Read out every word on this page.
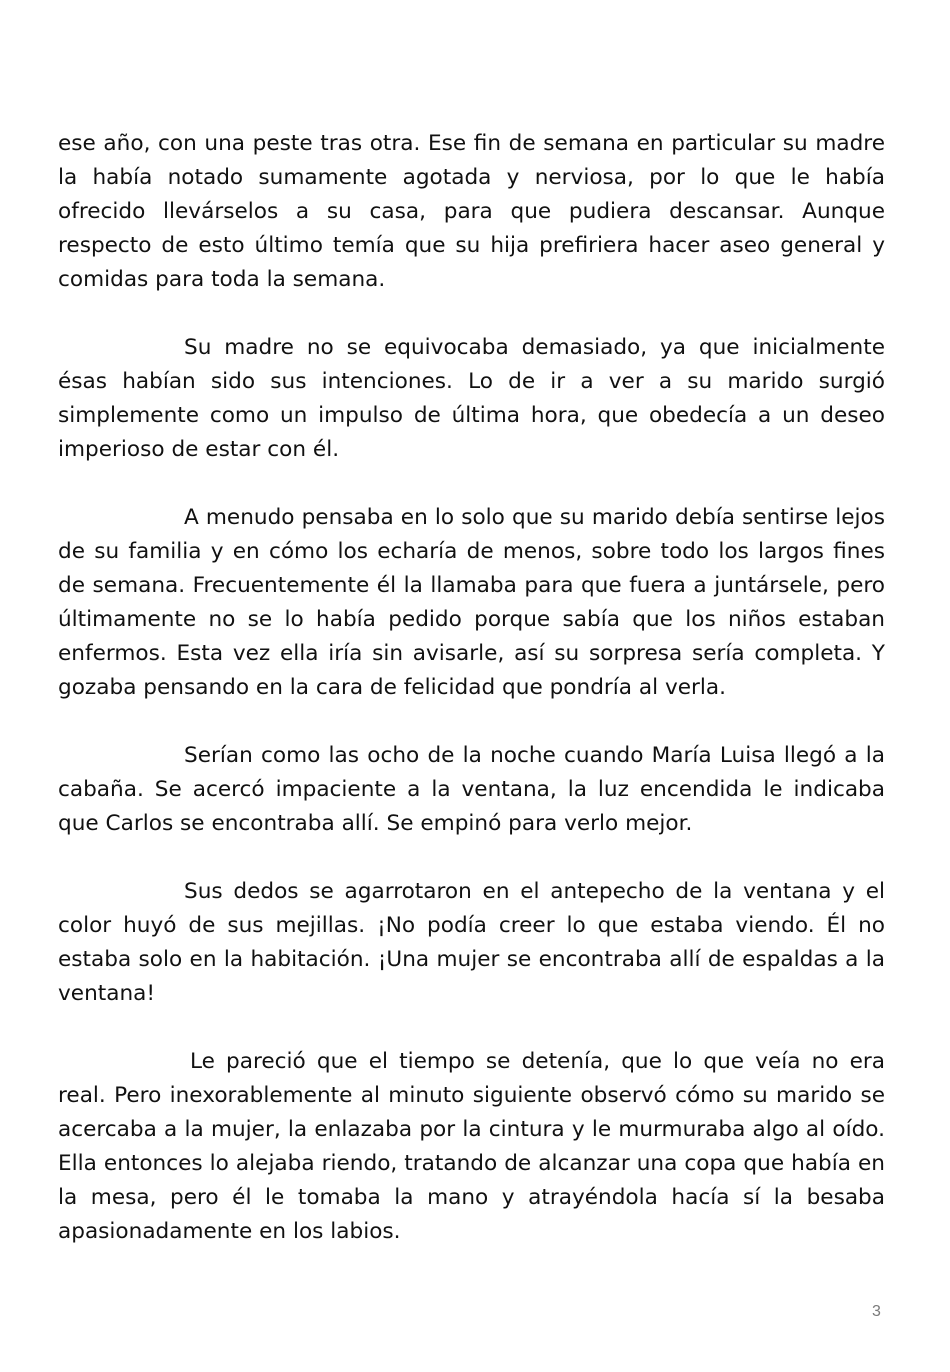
ese año, con una peste tras otra. Ese fin de semana en particular su madre la había notado sumamente agotada y nerviosa, por lo que le había ofrecido llevárselos a su casa, para que pudiera descansar. Aunque respecto de esto último temía que su hija prefiriera hacer aseo general y comidas para toda la semana.

Su madre no se equivocaba demasiado, ya que inicialmente ésas habían sido sus intenciones. Lo de ir a ver a su marido surgió simplemente como un impulso de última hora, que obedecía a un deseo imperioso de estar con él.

A menudo pensaba en lo solo que su marido debía sentirse lejos de su familia y en cómo los echaría de menos, sobre todo los largos fines de semana. Frecuentemente él la llamaba para que fuera a juntársele, pero últimamente no se lo había pedido porque sabía que los niños estaban enfermos. Esta vez ella iría sin avisarle, así su sorpresa sería completa. Y gozaba pensando en la cara de felicidad que pondría al verla.

Serían como las ocho de la noche cuando María Luisa llegó a la cabaña. Se acercó impaciente a la ventana, la luz encendida le indicaba que Carlos se encontraba allí. Se empinó para verlo mejor.

Sus dedos se agarrotaron en el antepecho de la ventana y el color huyó de sus mejillas. ¡No podía creer lo que estaba viendo. Él no estaba solo en la habitación. ¡Una mujer se encontraba allí de espaldas a la ventana!

Le pareció que el tiempo se detenía, que lo que veía no era real. Pero inexorablemente al minuto siguiente observó cómo su marido se acercaba a la mujer, la enlazaba por la cintura y le murmuraba algo al oído. Ella entonces lo alejaba riendo, tratando de alcanzar una copa que había en la mesa, pero él le tomaba la mano y atrayéndola hacía sí la besaba apasionadamente en los labios.

3
